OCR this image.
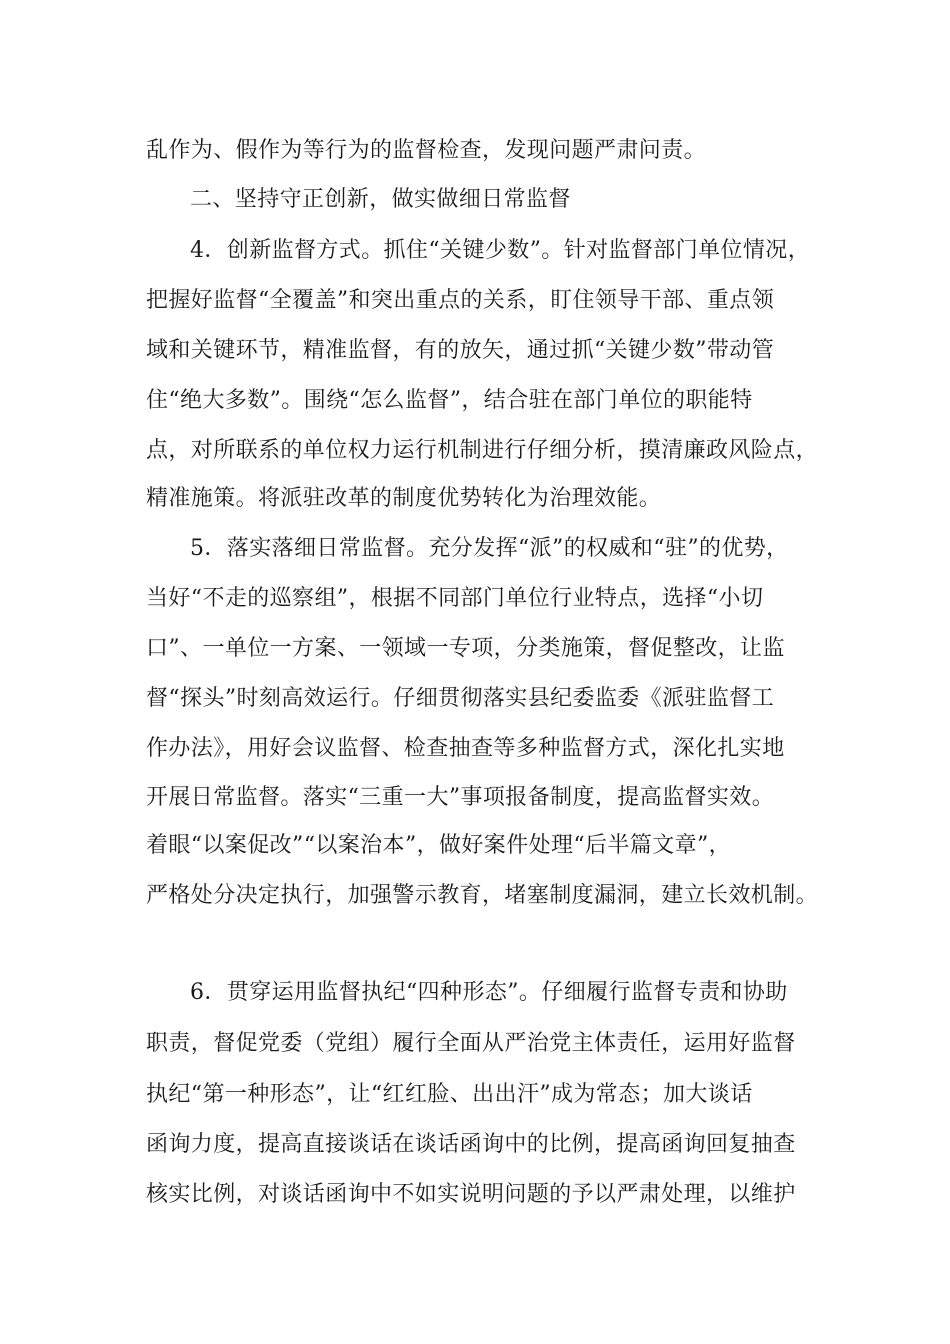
乱作为、假作为等行为的监督检查，发现问题严肃问责。
二、坚持守正创新，做实做细日常监督
4．创新监督方式。抓住“关键少数”。针对监督部门单位情况，
把握好监督“全覆盖”和突出重点的关系，盯住领导干部、重点领
域和关键环节，精准监督，有的放矢，通过抓“关键少数”带动管
住“绝大多数”。围绕“怎么监督”，结合驻在部门单位的职能特
点，对所联系的单位权力运行机制进行仔细分析，摸清廉政风险点，
精准施策。将派驻改革的制度优势转化为治理效能。
5．落实落细日常监督。充分发挥“派”的权威和“驻”的优势，
当好“不走的巡察组”，根据不同部门单位行业特点，选择“小切
口”、一单位一方案、一领域一专项，分类施策，督促整改，让监
督“探头”时刻高效运行。仔细贯彻落实县纪委监委《派驻监督工
作办法》，用好会议监督、检查抽查等多种监督方式，深化扎实地
开展日常监督。落实“三重一大”事项报备制度，提高监督实效。
着眼“以案促改”“以案治本”，做好案件处理“后半篇文章”，
严格处分决定执行，加强警示教育，堵塞制度漏洞，建立长效机制。
6．贯穿运用监督执纪“四种形态”。仔细履行监督专责和协助
职责，督促党委（党组）履行全面从严治党主体责任，运用好监督
执纪“第一种形态”，让“红红脸、出出汗”成为常态；加大谈话
函询力度，提高直接谈话在谈话函询中的比例，提高函询回复抽查
核实比例，对谈话函询中不如实说明问题的予以严肃处理，以维护
